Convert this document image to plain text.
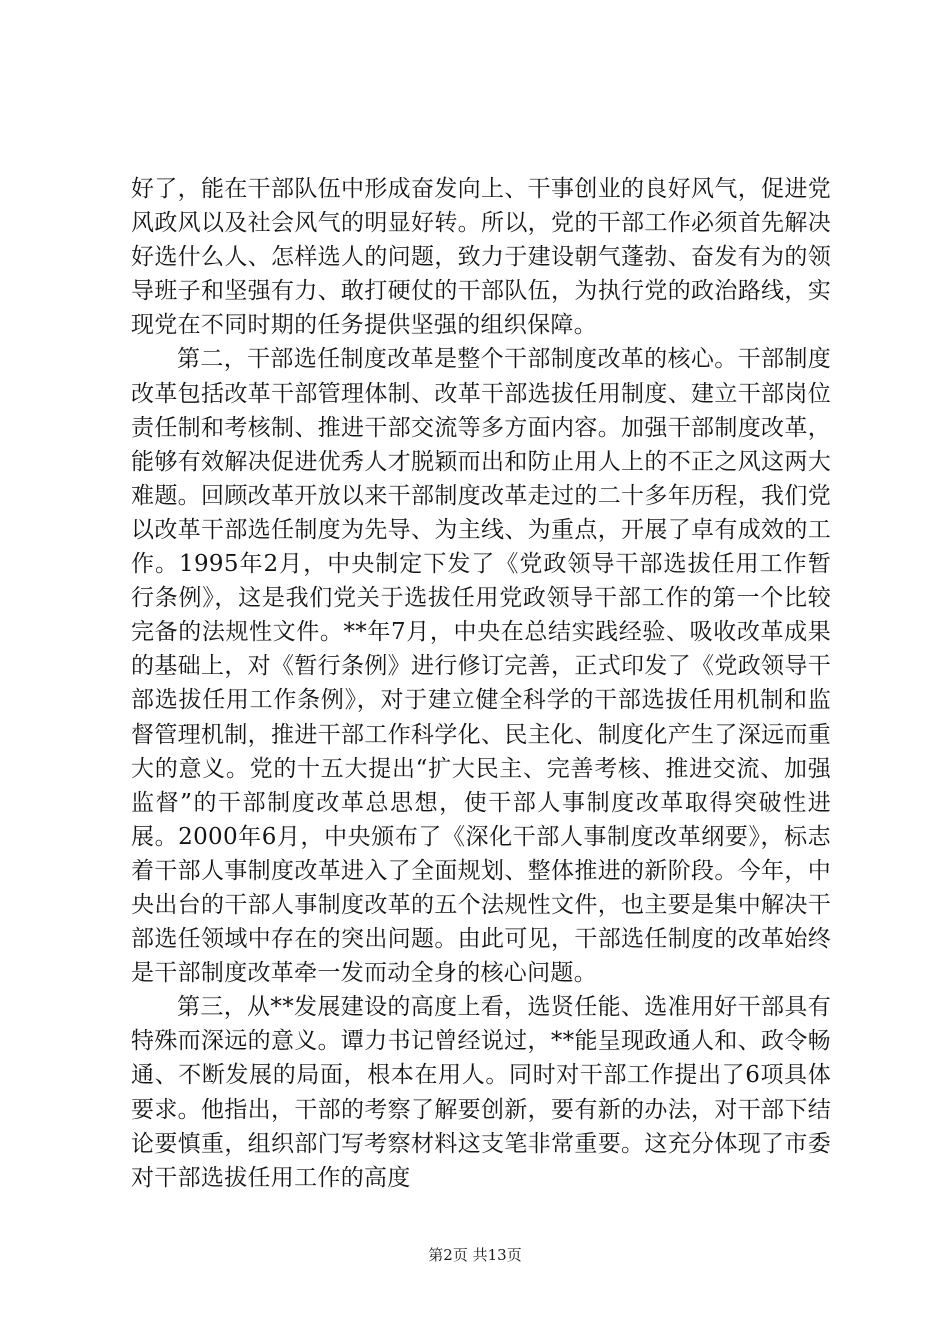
好了，能在干部队伍中形成奋发向上、干事创业的良好风气，促进党风政风以及社会风气的明显好转。所以，党的干部工作必须首先解决好选什么人、怎样选人的问题，致力于建设朝气蓬勃、奋发有为的领导班子和坚强有力、敢打硬仗的干部队伍，为执行党的政治路线，实现党在不同时期的任务提供坚强的组织保障。

第二，干部选任制度改革是整个干部制度改革的核心。干部制度改革包括改革干部管理体制、改革干部选拔任用制度、建立干部岗位责任制和考核制、推进干部交流等多方面内容。加强干部制度改革，能够有效解决促进优秀人才脱颖而出和防止用人上的不正之风这两大难题。回顾改革开放以来干部制度改革走过的二十多年历程，我们党以改革干部选任制度为先导、为主线、为重点，开展了卓有成效的工作。1995年2月，中央制定下发了《党政领导干部选拔任用工作暂行条例》，这是我们党关于选拔任用党政领导干部工作的第一个比较完备的法规性文件。**年7月，中央在总结实践经验、吸收改革成果的基础上，对《暂行条例》进行修订完善，正式印发了《党政领导干部选拔任用工作条例》，对于建立健全科学的干部选拔任用机制和监督管理机制，推进干部工作科学化、民主化、制度化产生了深远而重大的意义。党的十五大提出“扩大民主、完善考核、推进交流、加强监督”的干部制度改革总思想，使干部人事制度改革取得突破性进展。2000年6月，中央颁布了《深化干部人事制度改革纲要》，标志着干部人事制度改革进入了全面规划、整体推进的新阶段。今年，中央出台的干部人事制度改革的五个法规性文件，也主要是集中解决干部选任领域中存在的突出问题。由此可见，干部选任制度的改革始终是干部制度改革牵一发而动全身的核心问题。

第三，从**发展建设的高度上看，选贤任能、选准用好干部具有特殊而深远的意义。谭力书记曾经说过，**能呈现政通人和、政令畅通、不断发展的局面，根本在用人。同时对干部工作提出了6项具体要求。他指出，干部的考察了解要创新，要有新的办法，对干部下结论要慎重，组织部门写考察材料这支笔非常重要。这充分体现了市委对干部选拔任用工作的高度

第2页 共13页
